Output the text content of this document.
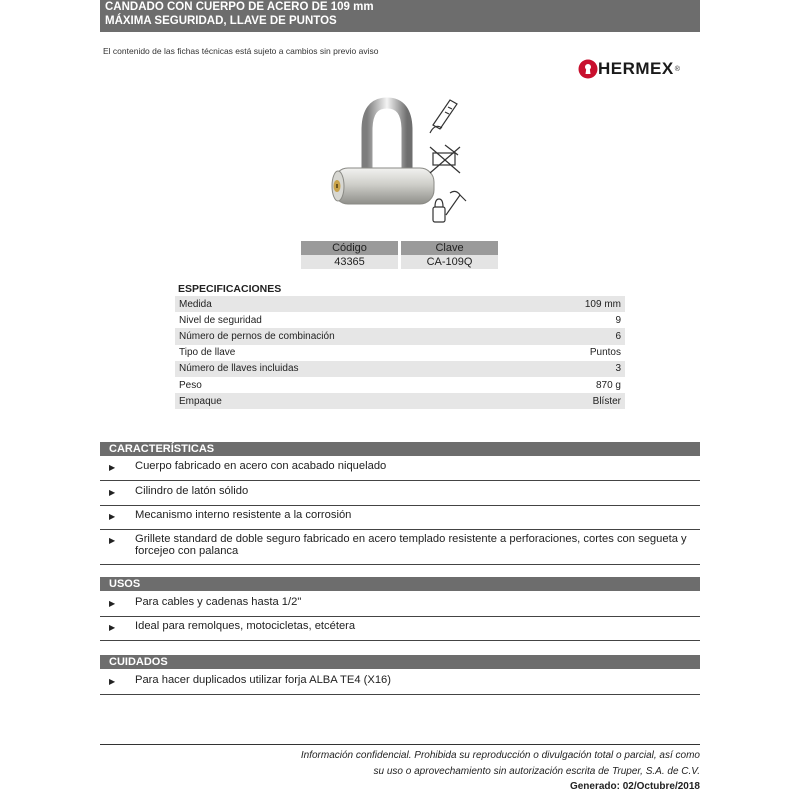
CANDADO CON CUERPO DE ACERO DE 109 mm
MÁXIMA SEGURIDAD, LLAVE DE PUNTOS
El contenido de las fichas técnicas está sujeto a cambios sin previo aviso
HERMEX ®
Código	Clave
43365	CA-109Q
ESPECIFICACIONES
Medida	109 mm
Nivel de seguridad	9
Número de pernos de combinación	6
Tipo de llave	Puntos
Número de llaves incluidas	3
Peso	870 g
Empaque	Blíster
CARACTERÍSTICAS
▶ Cuerpo fabricado en acero con acabado niquelado
▶ Cilindro de latón sólido
▶ Mecanismo interno resistente a la corrosión
▶ Grillete standard de doble seguro fabricado en acero templado resistente a perforaciones, cortes con segueta y forcejeo con palanca
USOS
▶ Para cables y cadenas hasta 1/2"
▶ Ideal para remolques, motocicletas, etcétera
CUIDADOS
▶ Para hacer duplicados utilizar forja ALBA TE4 (X16)
Información confidencial. Prohibida su reproducción o divulgación total o parcial, así como
su uso o aprovechamiento sin autorización escrita de Truper, S.A. de C.V.
Generado: 02/Octubre/2018
